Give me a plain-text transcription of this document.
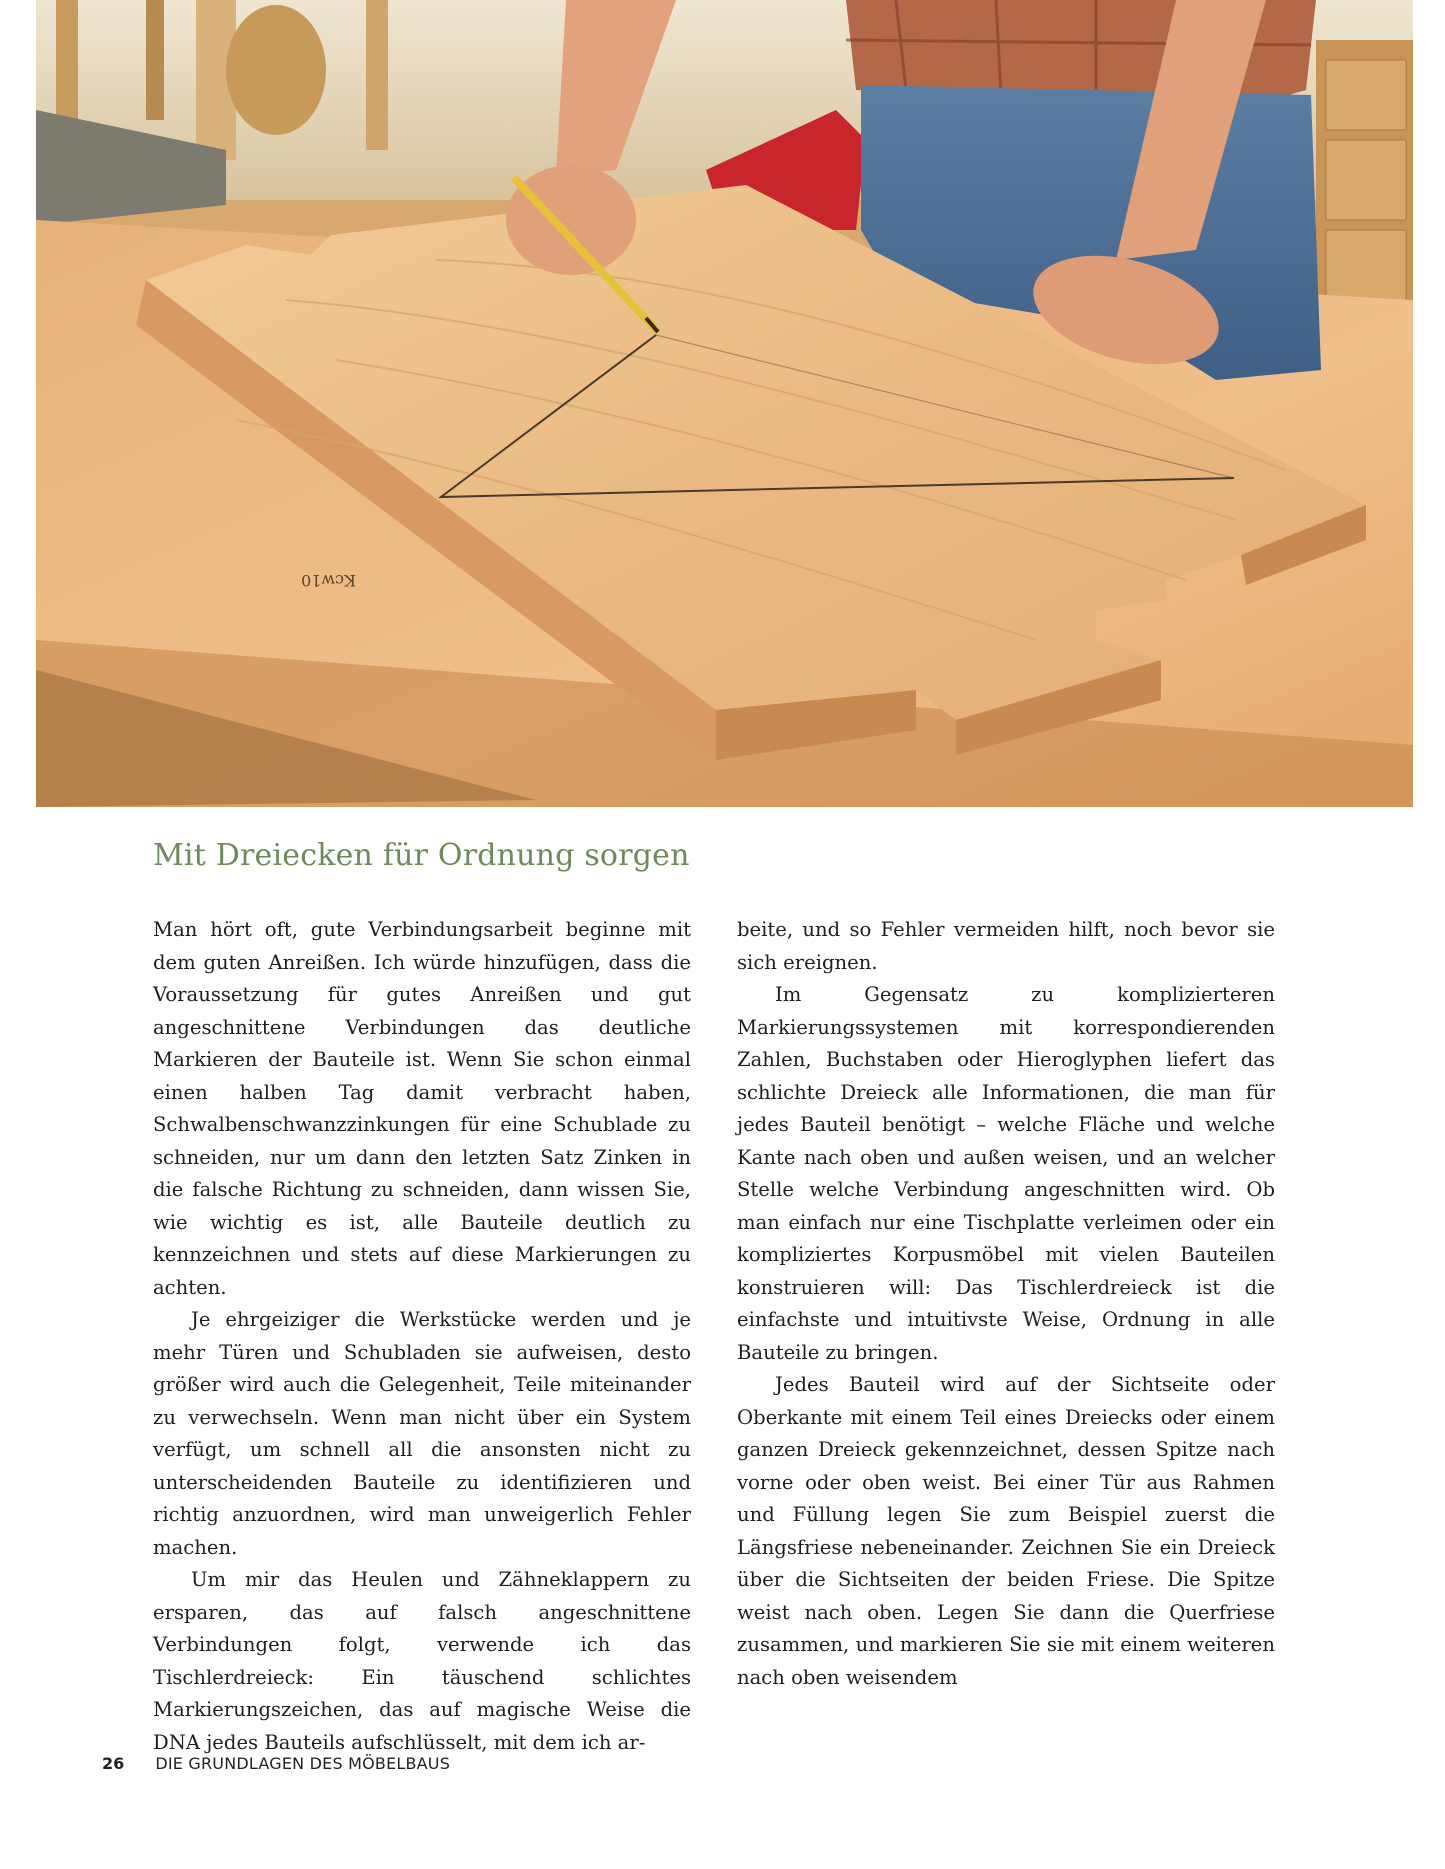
Kcw10
Mit Dreiecken für Ordnung sorgen

Man hört oft, gute Verbindungsarbeit beginne mit dem guten Anreißen. Ich würde hinzufügen, dass die Voraussetzung für gutes Anreißen und gut angeschnittene Verbindungen das deutliche Markieren der Bauteile ist. Wenn Sie schon einmal einen halben Tag damit verbracht haben, Schwalbenschwanzzinkungen für eine Schublade zu schneiden, nur um dann den letzten Satz Zinken in die falsche Richtung zu schneiden, dann wissen Sie, wie wichtig es ist, alle Bauteile deutlich zu kennzeichnen und stets auf diese Markierungen zu achten.

Je ehrgeiziger die Werkstücke werden und je mehr Türen und Schubladen sie aufweisen, desto größer wird auch die Gelegenheit, Teile miteinander zu verwechseln. Wenn man nicht über ein System verfügt, um schnell all die ansonsten nicht zu unterscheidenden Bauteile zu identifizieren und richtig anzuordnen, wird man unweigerlich Fehler machen.

Um mir das Heulen und Zähneklappern zu ersparen, das auf falsch angeschnittene Verbindungen folgt, verwende ich das Tischlerdreieck: Ein täuschend schlichtes Markierungszeichen, das auf magische Weise die DNA jedes Bauteils aufschlüsselt, mit dem ich ar-

beite, und so Fehler vermeiden hilft, noch bevor sie sich ereignen.

Im Gegensatz zu komplizierteren Markierungssystemen mit korrespondierenden Zahlen, Buchstaben oder Hieroglyphen liefert das schlichte Dreieck alle Informationen, die man für jedes Bauteil benötigt – welche Fläche und welche Kante nach oben und außen weisen, und an welcher Stelle welche Verbindung angeschnitten wird. Ob man einfach nur eine Tischplatte verleimen oder ein kompliziertes Korpusmöbel mit vielen Bauteilen konstruieren will: Das Tischlerdreieck ist die einfachste und intuitivste Weise, Ordnung in alle Bauteile zu bringen.

Jedes Bauteil wird auf der Sichtseite oder Oberkante mit einem Teil eines Dreiecks oder einem ganzen Dreieck gekennzeichnet, dessen Spitze nach vorne oder oben weist. Bei einer Tür aus Rahmen und Füllung legen Sie zum Beispiel zuerst die Längsfriese nebeneinander. Zeichnen Sie ein Dreieck über die Sichtseiten der beiden Friese. Die Spitze weist nach oben. Legen Sie dann die Querfriese zusammen, und markieren Sie sie mit einem weiteren nach oben weisendem

26 DIE GRUNDLAGEN DES MÖBELBAUS
